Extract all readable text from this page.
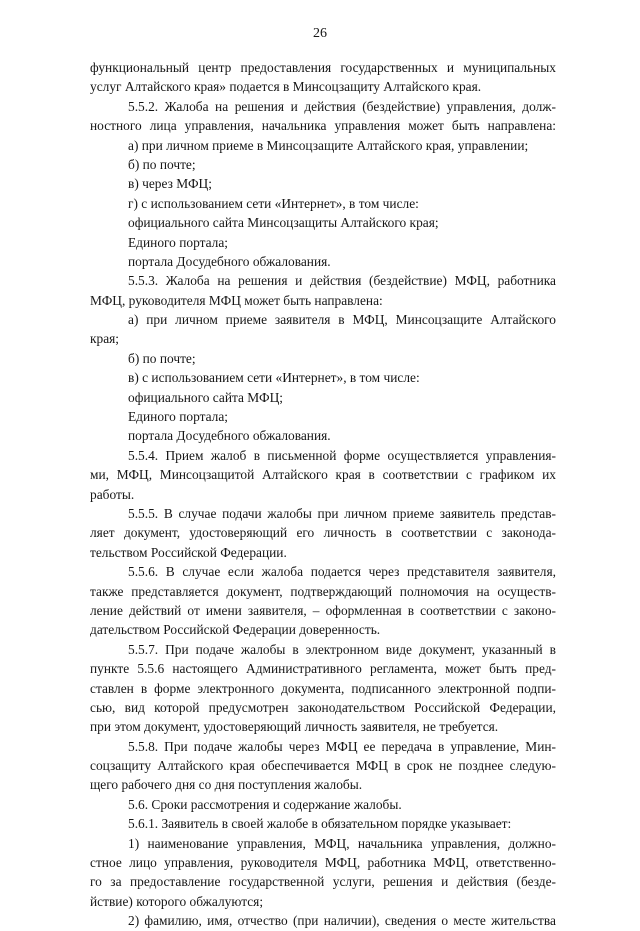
26
функциональный центр предоставления государственных и муниципальных
услуг Алтайского края» подается в Минсоцзащиту Алтайского края.
5.5.2. Жалоба на решения и действия (бездействие) управления, долж-
ностного лица управления, начальника управления может быть направлена:
а) при личном приеме в Минсоцзащите Алтайского края, управлении;
б) по почте;
в) через МФЦ;
г) с использованием сети «Интернет», в том числе:
официального сайта Минсоцзащиты Алтайского края;
Единого портала;
портала Досудебного обжалования.
5.5.3. Жалоба на решения и действия (бездействие) МФЦ, работника
МФЦ, руководителя МФЦ может быть направлена:
а) при личном приеме заявителя в МФЦ, Минсоцзащите Алтайского
края;
б) по почте;
в) с использованием сети «Интернет», в том числе:
официального сайта МФЦ;
Единого портала;
портала Досудебного обжалования.
5.5.4. Прием жалоб в письменной форме осуществляется управления-
ми, МФЦ, Минсоцзащитой Алтайского края в соответствии с графиком их
работы.
5.5.5. В случае подачи жалобы при личном приеме заявитель представ-
ляет документ, удостоверяющий его личность в соответствии с законода-
тельством Российской Федерации.
5.5.6. В случае если жалоба подается через представителя заявителя,
также представляется документ, подтверждающий полномочия на осуществ-
ление действий от имени заявителя, – оформленная в соответствии с законо-
дательством Российской Федерации доверенность.
5.5.7. При подаче жалобы в электронном виде документ, указанный в
пункте 5.5.6 настоящего Административного регламента, может быть пред-
ставлен в форме электронного документа, подписанного электронной подпи-
сью, вид которой предусмотрен законодательством Российской Федерации,
при этом документ, удостоверяющий личность заявителя, не требуется.
5.5.8. При подаче жалобы через МФЦ ее передача в управление, Мин-
соцзащиту Алтайского края обеспечивается МФЦ в срок не позднее следую-
щего рабочего дня со дня поступления жалобы.
5.6. Сроки рассмотрения и содержание жалобы.
5.6.1. Заявитель в своей жалобе в обязательном порядке указывает:
1) наименование управления, МФЦ, начальника управления, должно-
стное лицо управления, руководителя МФЦ, работника МФЦ, ответственно-
го за предоставление государственной услуги, решения и действия (безде-
йствие) которого обжалуются;
2) фамилию, имя, отчество (при наличии), сведения о месте жительства
